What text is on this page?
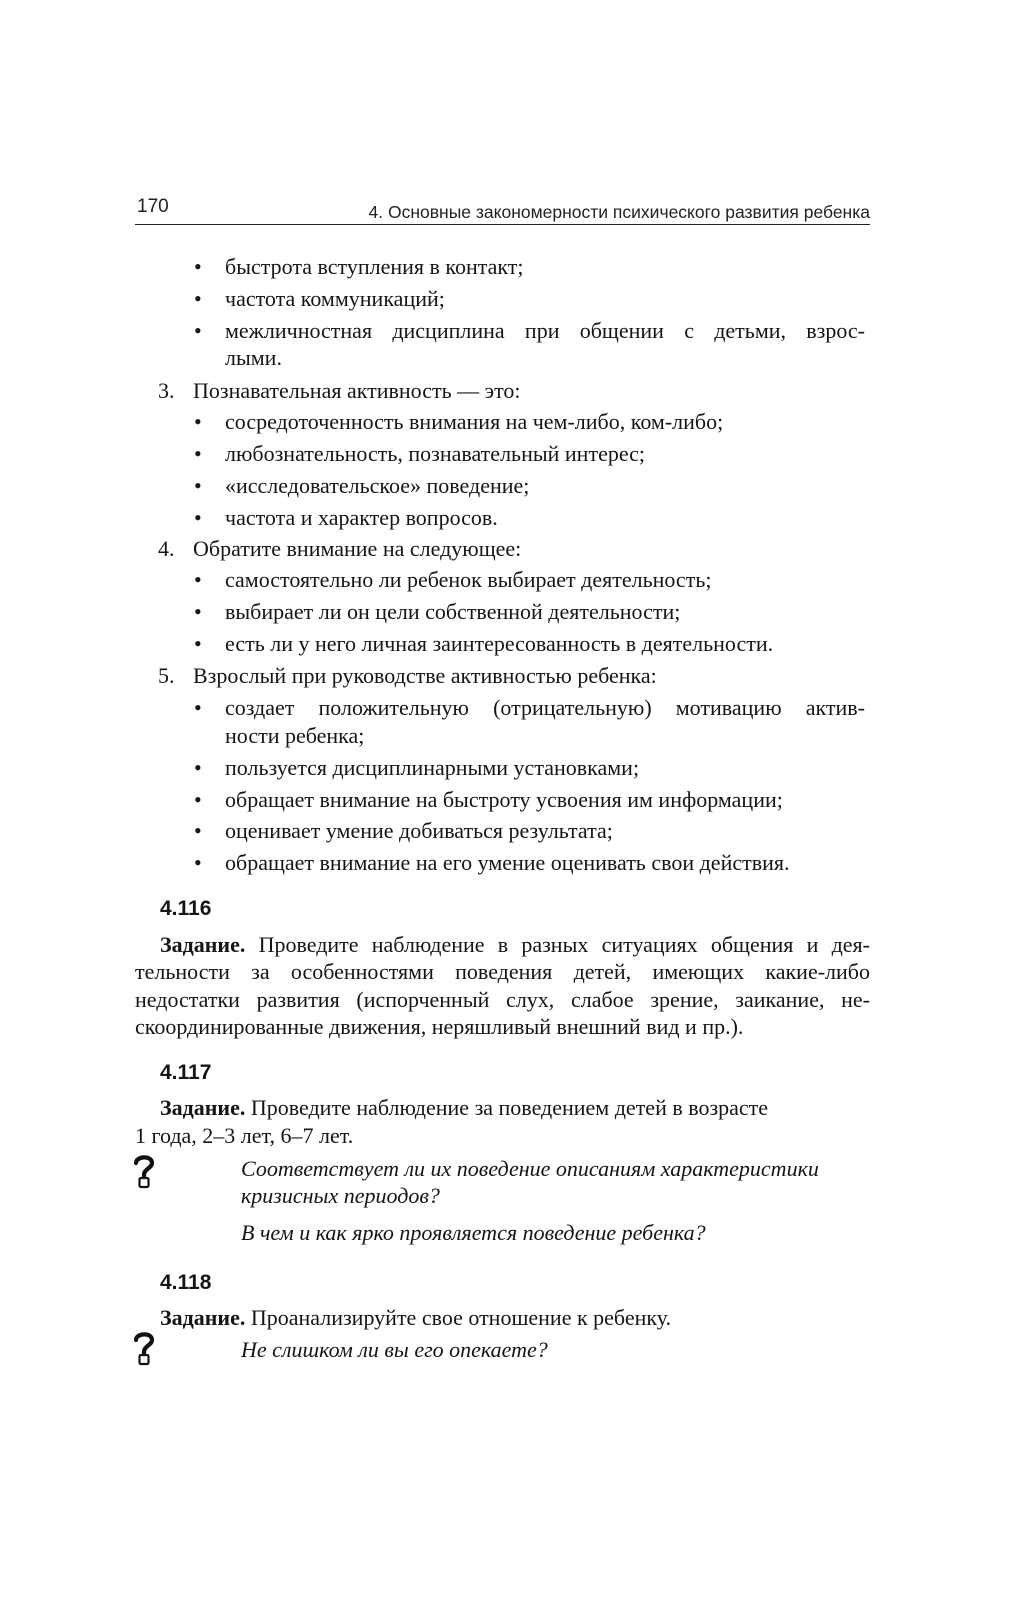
170	4. Основные закономерности психического развития ребенка
• быстрота вступления в контакт;
• частота коммуникаций;
• межличностная дисциплина при общении с детьми, взрос-
лыми.
3. Познавательная активность — это:
• сосредоточенность внимания на чем-либо, ком-либо;
• любознательность, познавательный интерес;
• «исследовательское» поведение;
• частота и характер вопросов.
4. Обратите внимание на следующее:
• самостоятельно ли ребенок выбирает деятельность;
• выбирает ли он цели собственной деятельности;
• есть ли у него личная заинтересованность в деятельности.
5. Взрослый при руководстве активностью ребенка:
• создает положительную (отрицательную) мотивацию актив-
ности ребенка;
• пользуется дисциплинарными установками;
• обращает внимание на быстроту усвоения им информации;
• оценивает умение добиваться результата;
• обращает внимание на его умение оценивать свои действия.
4.116
Задание. Проведите наблюдение в разных ситуациях общения и дея-
тельности за особенностями поведения детей, имеющих какие-либо
недостатки развития (испорченный слух, слабое зрение, заикание, не-
скоординированные движения, неряшливый внешний вид и пр.).
4.117
Задание. Проведите наблюдение за поведением детей в возрасте
1 года, 2–3 лет, 6–7 лет.
Соответствует ли их поведение описаниям характеристики
кризисных периодов?
В чем и как ярко проявляется поведение ребенка?
4.118
Задание. Проанализируйте свое отношение к ребенку.
Не слишком ли вы его опекаете?
